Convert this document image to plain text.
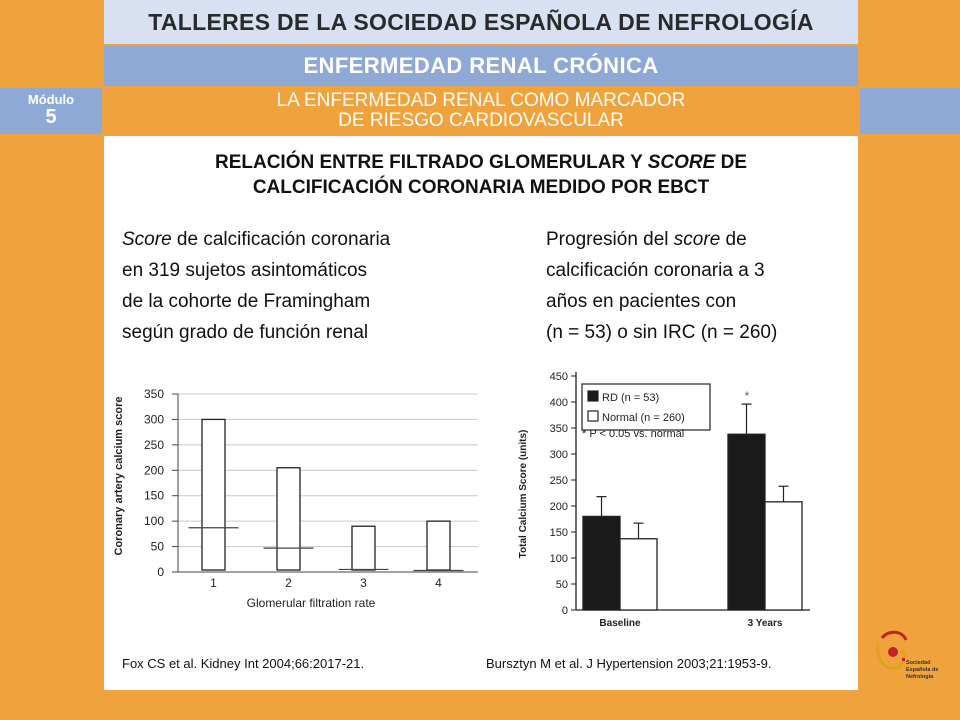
TALLERES DE LA SOCIEDAD ESPAÑOLA DE NEFROLOGÍA
ENFERMEDAD RENAL CRÓNICA
Módulo
5
LA ENFERMEDAD RENAL COMO MARCADOR
DE RIESGO CARDIOVASCULAR
RELACIÓN ENTRE FILTRADO GLOMERULAR Y SCORE DE
CALCIFICACIÓN CORONARIA MEDIDO POR EBCT
Score de calcificación coronaria
en 319 sujetos asintomáticos
de la cohorte de Framingham
según grado de función renal
Progresión del score de
calcificación coronaria a 3
años en pacientes con
(n = 53) o sin IRC (n = 260)
0
50
100
150
200
250
300
350
1	2	3	4
Coronary artery calcium score
Glomerular filtration rate
0
50
100
150
200
250
300
350
400
450
Baseline	3 Years
*
RD (n = 53)
Normal (n = 260)
Total Calcium Score (units)	* P < 0.05 vs. normal
Fox CS et al. Kidney Int 2004;66:2017-21.	Bursztyn M et al. J Hypertension 2003;21:1953-9.	Sociedad
Española de
Nefrología
